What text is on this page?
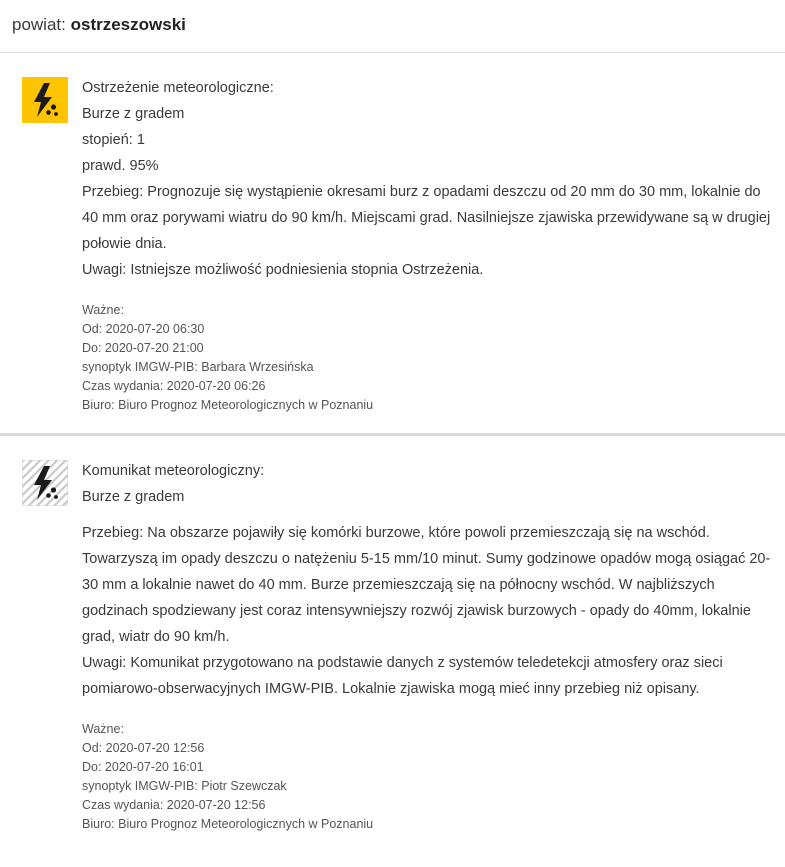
powiat: ostrzeszowski
Ostrzeżenie meteorologiczne:
Burze z gradem
stopień: 1
prawd. 95%

Przebieg: Prognozuje się wystąpienie okresami burz z opadami deszczu od 20 mm do 30 mm, lokalnie do 40 mm oraz porywami wiatru do 90 km/h. Miejscami grad. Nasilniejsze zjawiska przewidywane są w drugiej połowie dnia.

Uwagi: Istniejsze możliwość podniesienia stopnia Ostrzeżenia.

Ważne:
Od: 2020-07-20 06:30
Do: 2020-07-20 21:00
synoptyk IMGW-PIB: Barbara Wrzesińska
Czas wydania: 2020-07-20 06:26
Biuro: Biuro Prognoz Meteorologicznych w Poznaniu
Komunikat meteorologiczny:
Burze z gradem

Przebieg: Na obszarze pojawiły się komórki burzowe, które powoli przemieszczają się na wschód. Towarzyszą im opady deszczu o natężeniu 5-15 mm/10 minut. Sumy godzinowe opadów mogą osiągać 20-30 mm a lokalnie nawet do 40 mm. Burze przemieszczają się na północny wschód. W najbliższych godzinach spodziewany jest coraz intensywniejszy rozwój zjawisk burzowych - opady do 40mm, lokalnie grad, wiatr do 90 km/h.

Uwagi: Komunikat przygotowano na podstawie danych z systemów teledetekcji atmosfery oraz sieci pomiarowo-obserwacyjnych IMGW-PIB. Lokalnie zjawiska mogą mieć inny przebieg niż opisany.

Ważne:
Od: 2020-07-20 12:56
Do: 2020-07-20 16:01
synoptyk IMGW-PIB: Piotr Szewczak
Czas wydania: 2020-07-20 12:56
Biuro: Biuro Prognoz Meteorologicznych w Poznaniu
